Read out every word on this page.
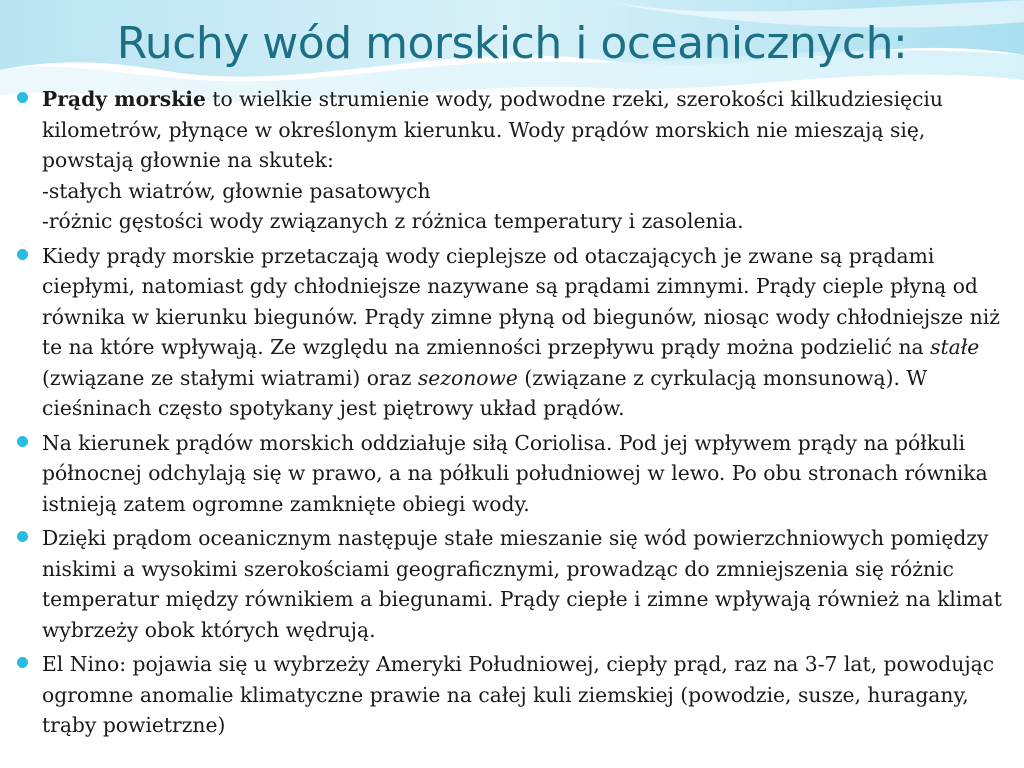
Ruchy wód morskich i oceanicznych:
Prądy morskie to wielkie strumienie wody, podwodne rzeki, szerokości kilkudziesięciu kilometrów, płynące w określonym kierunku. Wody prądów morskich nie mieszają się, powstają głownie na skutek:
-stałych wiatrów, głownie pasatowych
-różnic gęstości wody związanych z różnica temperatury i zasolenia.
Kiedy prądy morskie przetaczają wody cieplejsze od otaczających je zwane są prądami ciepłymi, natomiast gdy chłodniejsze nazywane są prądami zimnymi. Prądy cieple płyną od równika w kierunku biegunów. Prądy zimne płyną od biegunów, niosąc wody chłodniejsze niż te na które wpływają. Ze względu na zmienności przepływu prądy można podzielić na stałe (związane ze stałymi wiatrami) oraz sezonowe (związane z cyrkulacją monsunową). W cieśninach często spotykany jest piętrowy układ prądów.
Na kierunek prądów morskich oddziałuje siłą Coriolisa. Pod jej wpływem prądy na półkuli północnej odchylają się w prawo, a na półkuli południowej w lewo. Po obu stronach równika istnieją zatem ogromne zamknięte obiegi wody.
Dzięki prądom oceanicznym następuje stałe mieszanie się wód powierzchniowych pomiędzy niskimi a wysokimi szerokościami geograficznymi, prowadząc do zmniejszenia się różnic temperatur między równikiem a biegunami. Prądy ciepłe i zimne wpływają również na klimat wybrzeży obok których wędrują.
El Nino: pojawia się u wybrzeży Ameryki Południowej, ciepły prąd, raz na 3-7 lat, powodując ogromne anomalie klimatyczne prawie na całej kuli ziemskiej (powodzie, susze, huragany, trąby powietrzne)
